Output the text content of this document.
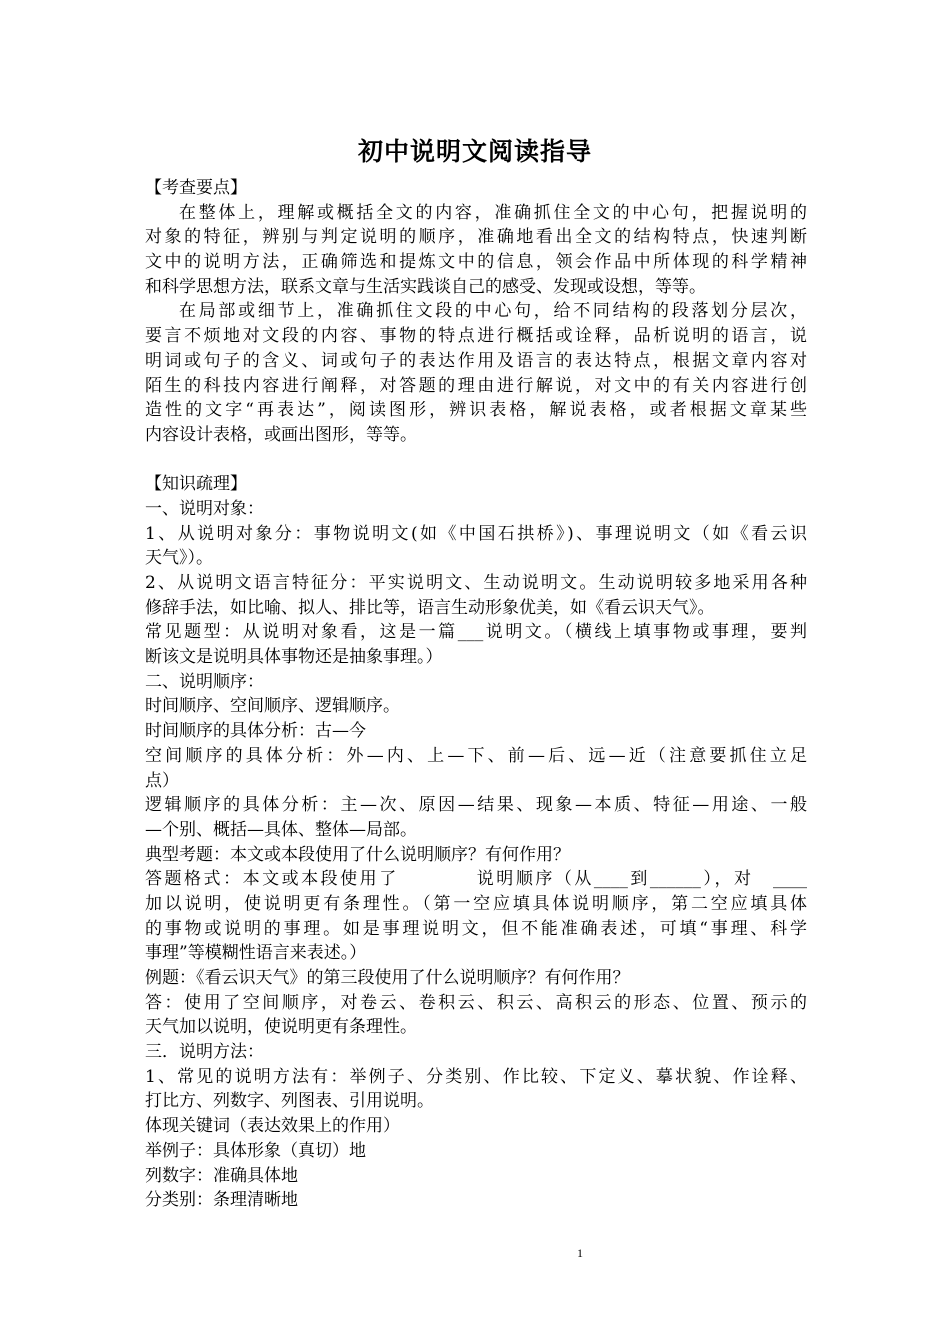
初中说明文阅读指导
【考查要点】
在整体上，理解或概括全文的内容，准确抓住全文的中心句，把握说明的
对象的特征，辨别与判定说明的顺序，准确地看出全文的结构特点，快速判断
文中的说明方法，正确筛选和提炼文中的信息，领会作品中所体现的科学精神
和科学思想方法，联系文章与生活实践谈自己的感受、发现或设想，等等。
在局部或细节上，准确抓住文段的中心句，给不同结构的段落划分层次，
要言不烦地对文段的内容、事物的特点进行概括或诠释，品析说明的语言，说
明词或句子的含义、词或句子的表达作用及语言的表达特点，根据文章内容对
陌生的科技内容进行阐释，对答题的理由进行解说，对文中的有关内容进行创
造性的文字“再表达”，阅读图形，辨识表格，解说表格，或者根据文章某些
内容设计表格，或画出图形，等等。
【知识疏理】
一、说明对象：
1、从说明对象分：事物说明文(如《中国石拱桥》)、事理说明文（如《看云识
天气》）。
2、从说明文语言特征分：平实说明文、生动说明文。生动说明较多地采用各种
修辞手法，如比喻、拟人、排比等，语言生动形象优美，如《看云识天气》。
常见题型：从说明对象看，这是一篇___说明文。（横线上填事物或事理，要判
断该文是说明具体事物还是抽象事理。）
二、说明顺序：
时间顺序、空间顺序、逻辑顺序。
时间顺序的具体分析：古—今
空间顺序的具体分析：外—内、上—下、前—后、远—近（注意要抓住立足
点）
逻辑顺序的具体分析：主—次、原因—结果、现象—本质、特征—用途、一般
—个别、概括—具体、整体—局部。
典型考题：本文或本段使用了什么说明顺序？有何作用？
答题格式：本文或本段使用了　　　　说明顺序（从____到______），对　____
加以说明，使说明更有条理性。（第一空应填具体说明顺序，第二空应填具体
的事物或说明的事理。如是事理说明文，但不能准确表述，可填“事理、科学
事理”等模糊性语言来表述。）
例题：《看云识天气》的第三段使用了什么说明顺序？有何作用？
答：使用了空间顺序，对卷云、卷积云、积云、高积云的形态、位置、预示的
天气加以说明，使说明更有条理性。
三．说明方法：
1、常见的说明方法有：举例子、分类别、作比较、下定义、摹状貌、作诠释、
打比方、列数字、列图表、引用说明。
体现关键词（表达效果上的作用）
举例子：具体形象（真切）地
列数字：准确具体地
分类别：条理清晰地
1
